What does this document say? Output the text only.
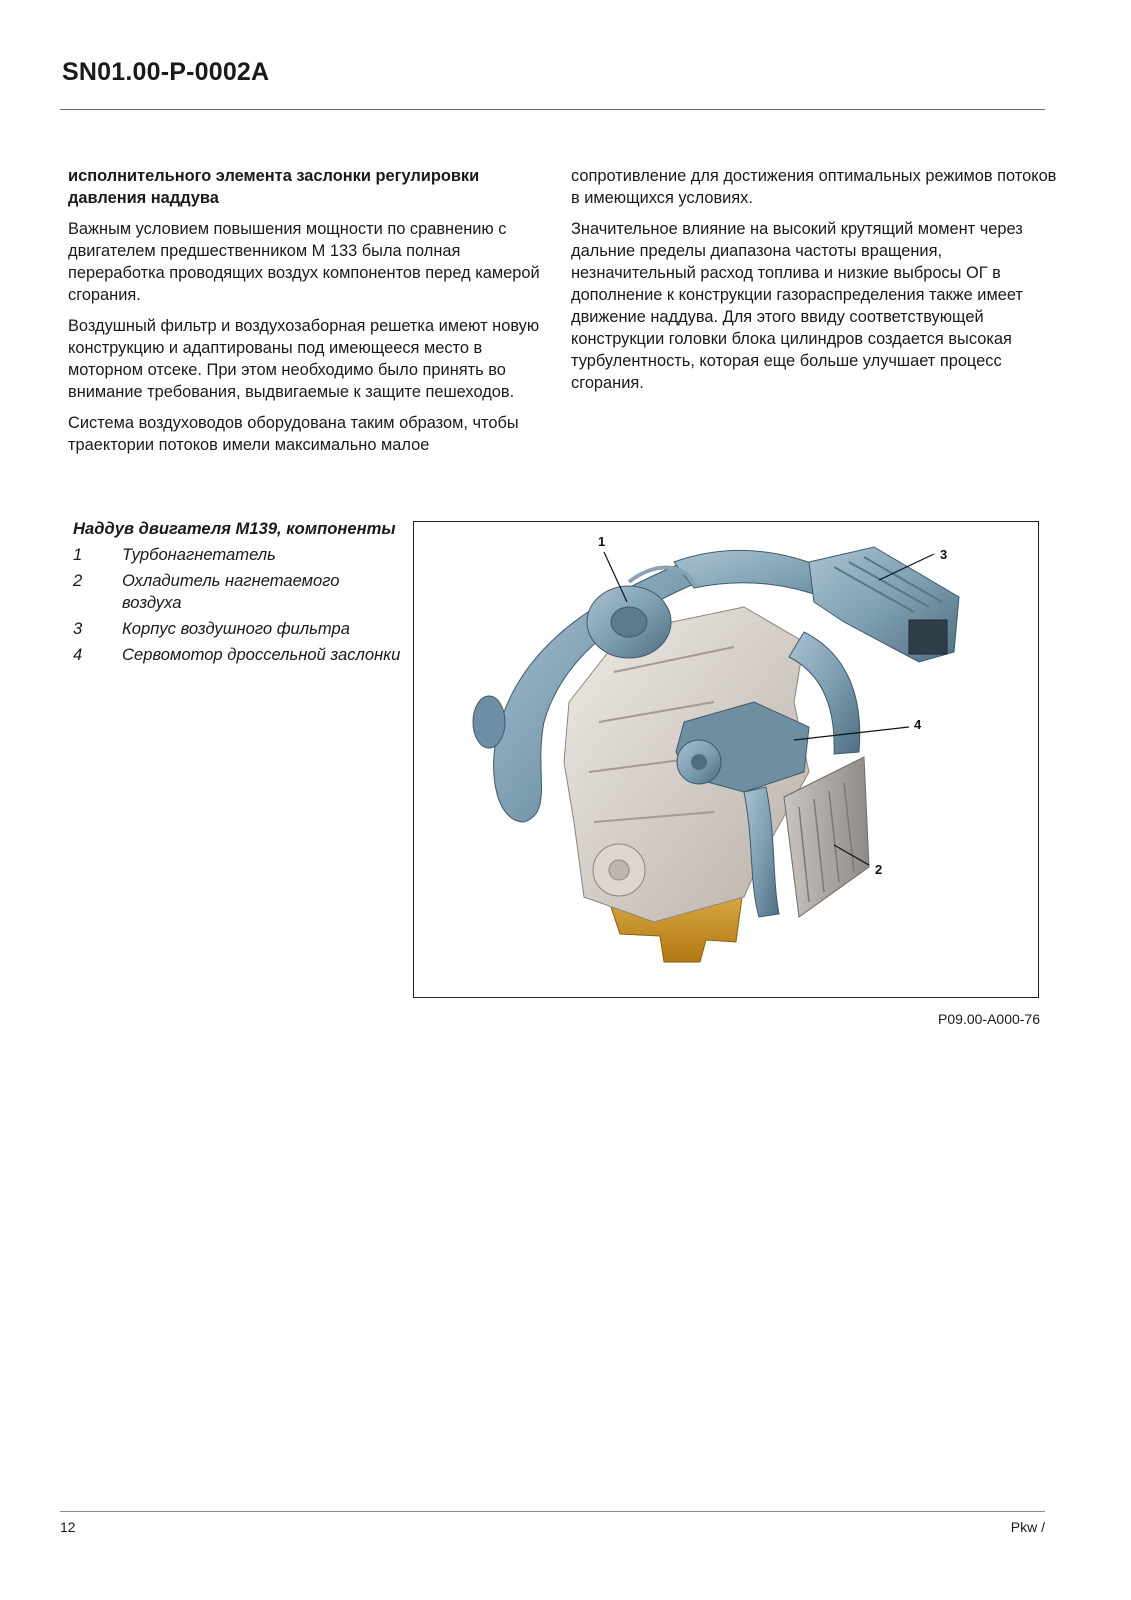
SN01.00-P-0002A
исполнительного элемента заслонки регулировки давления наддува

Важным условием повышения мощности по сравнению с двигателем предшественником M 133 была полная переработка проводящих воздух компонентов перед камерой сгорания.

Воздушный фильтр и воздухозаборная решетка имеют новую конструкцию и адаптированы под имеющееся место в моторном отсеке. При этом необходимо было принять во внимание требования, выдвигаемые к защите пешеходов.

Система воздуховодов оборудована таким образом, чтобы траектории потоков имели максимально малое

сопротивление для достижения оптимальных режимов потоков в имеющихся условиях.

Значительное влияние на высокий крутящий момент через дальние пределы диапазона частоты вращения, незначительный расход топлива и низкие выбросы ОГ в дополнение к конструкции газораспределения также имеет движение наддува. Для этого ввиду соответствующей конструкции головки блока цилиндров создается высокая турбулентность, которая еще больше улучшает процесс сгорания.

Наддув двигателя M139, компоненты
1	Турбонагнетатель
2	Охладитель нагнетаемого воздуха
3	Корпус воздушного фильтра
4	Сервомотор дроссельной заслонки
1
2
3
4
P09.00-A000-76
12	Pkw /
